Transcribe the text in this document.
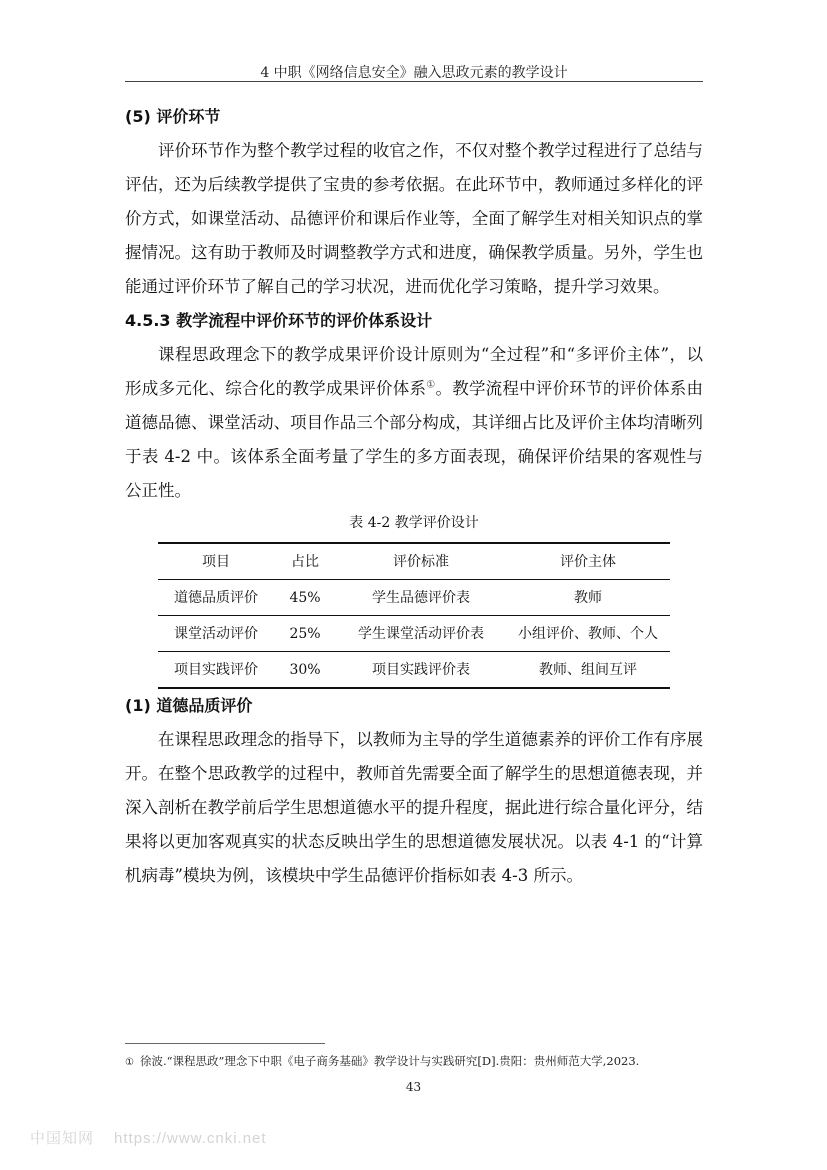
4 中职《网络信息安全》融入思政元素的教学设计

(5) 评价环节

评价环节作为整个教学过程的收官之作，不仅对整个教学过程进行了总结与评估，还为后续教学提供了宝贵的参考依据。在此环节中，教师通过多样化的评价方式，如课堂活动、品德评价和课后作业等，全面了解学生对相关知识点的掌握情况。这有助于教师及时调整教学方式和进度，确保教学质量。另外，学生也能通过评价环节了解自己的学习状况，进而优化学习策略，提升学习效果。

4.5.3 教学流程中评价环节的评价体系设计

课程思政理念下的教学成果评价设计原则为“全过程”和“多评价主体”，以形成多元化、综合化的教学成果评价体系①。教学流程中评价环节的评价体系由道德品德、课堂活动、项目作品三个部分构成，其详细占比及评价主体均清晰列于表 4-2 中。该体系全面考量了学生的多方面表现，确保评价结果的客观性与公正性。

表 4-2 教学评价设计
项目	占比	评价标准	评价主体
道德品质评价	45%	学生品德评价表	教师
课堂活动评价	25%	学生课堂活动评价表	小组评价、教师、个人
项目实践评价	30%	项目实践评价表	教师、组间互评

(1) 道德品质评价

在课程思政理念的指导下，以教师为主导的学生道德素养的评价工作有序展开。在整个思政教学的过程中，教师首先需要全面了解学生的思想道德表现，并深入剖析在教学前后学生思想道德水平的提升程度，据此进行综合量化评分，结果将以更加客观真实的状态反映出学生的思想道德发展状况。以表 4-1 的“计算机病毒”模块为例，该模块中学生品德评价指标如表 4-3 所示。

① 徐波.“课程思政”理念下中职《电子商务基础》教学设计与实践研究[D].贵阳：贵州师范大学,2023.
43
中国知网 https://www.cnki.net
